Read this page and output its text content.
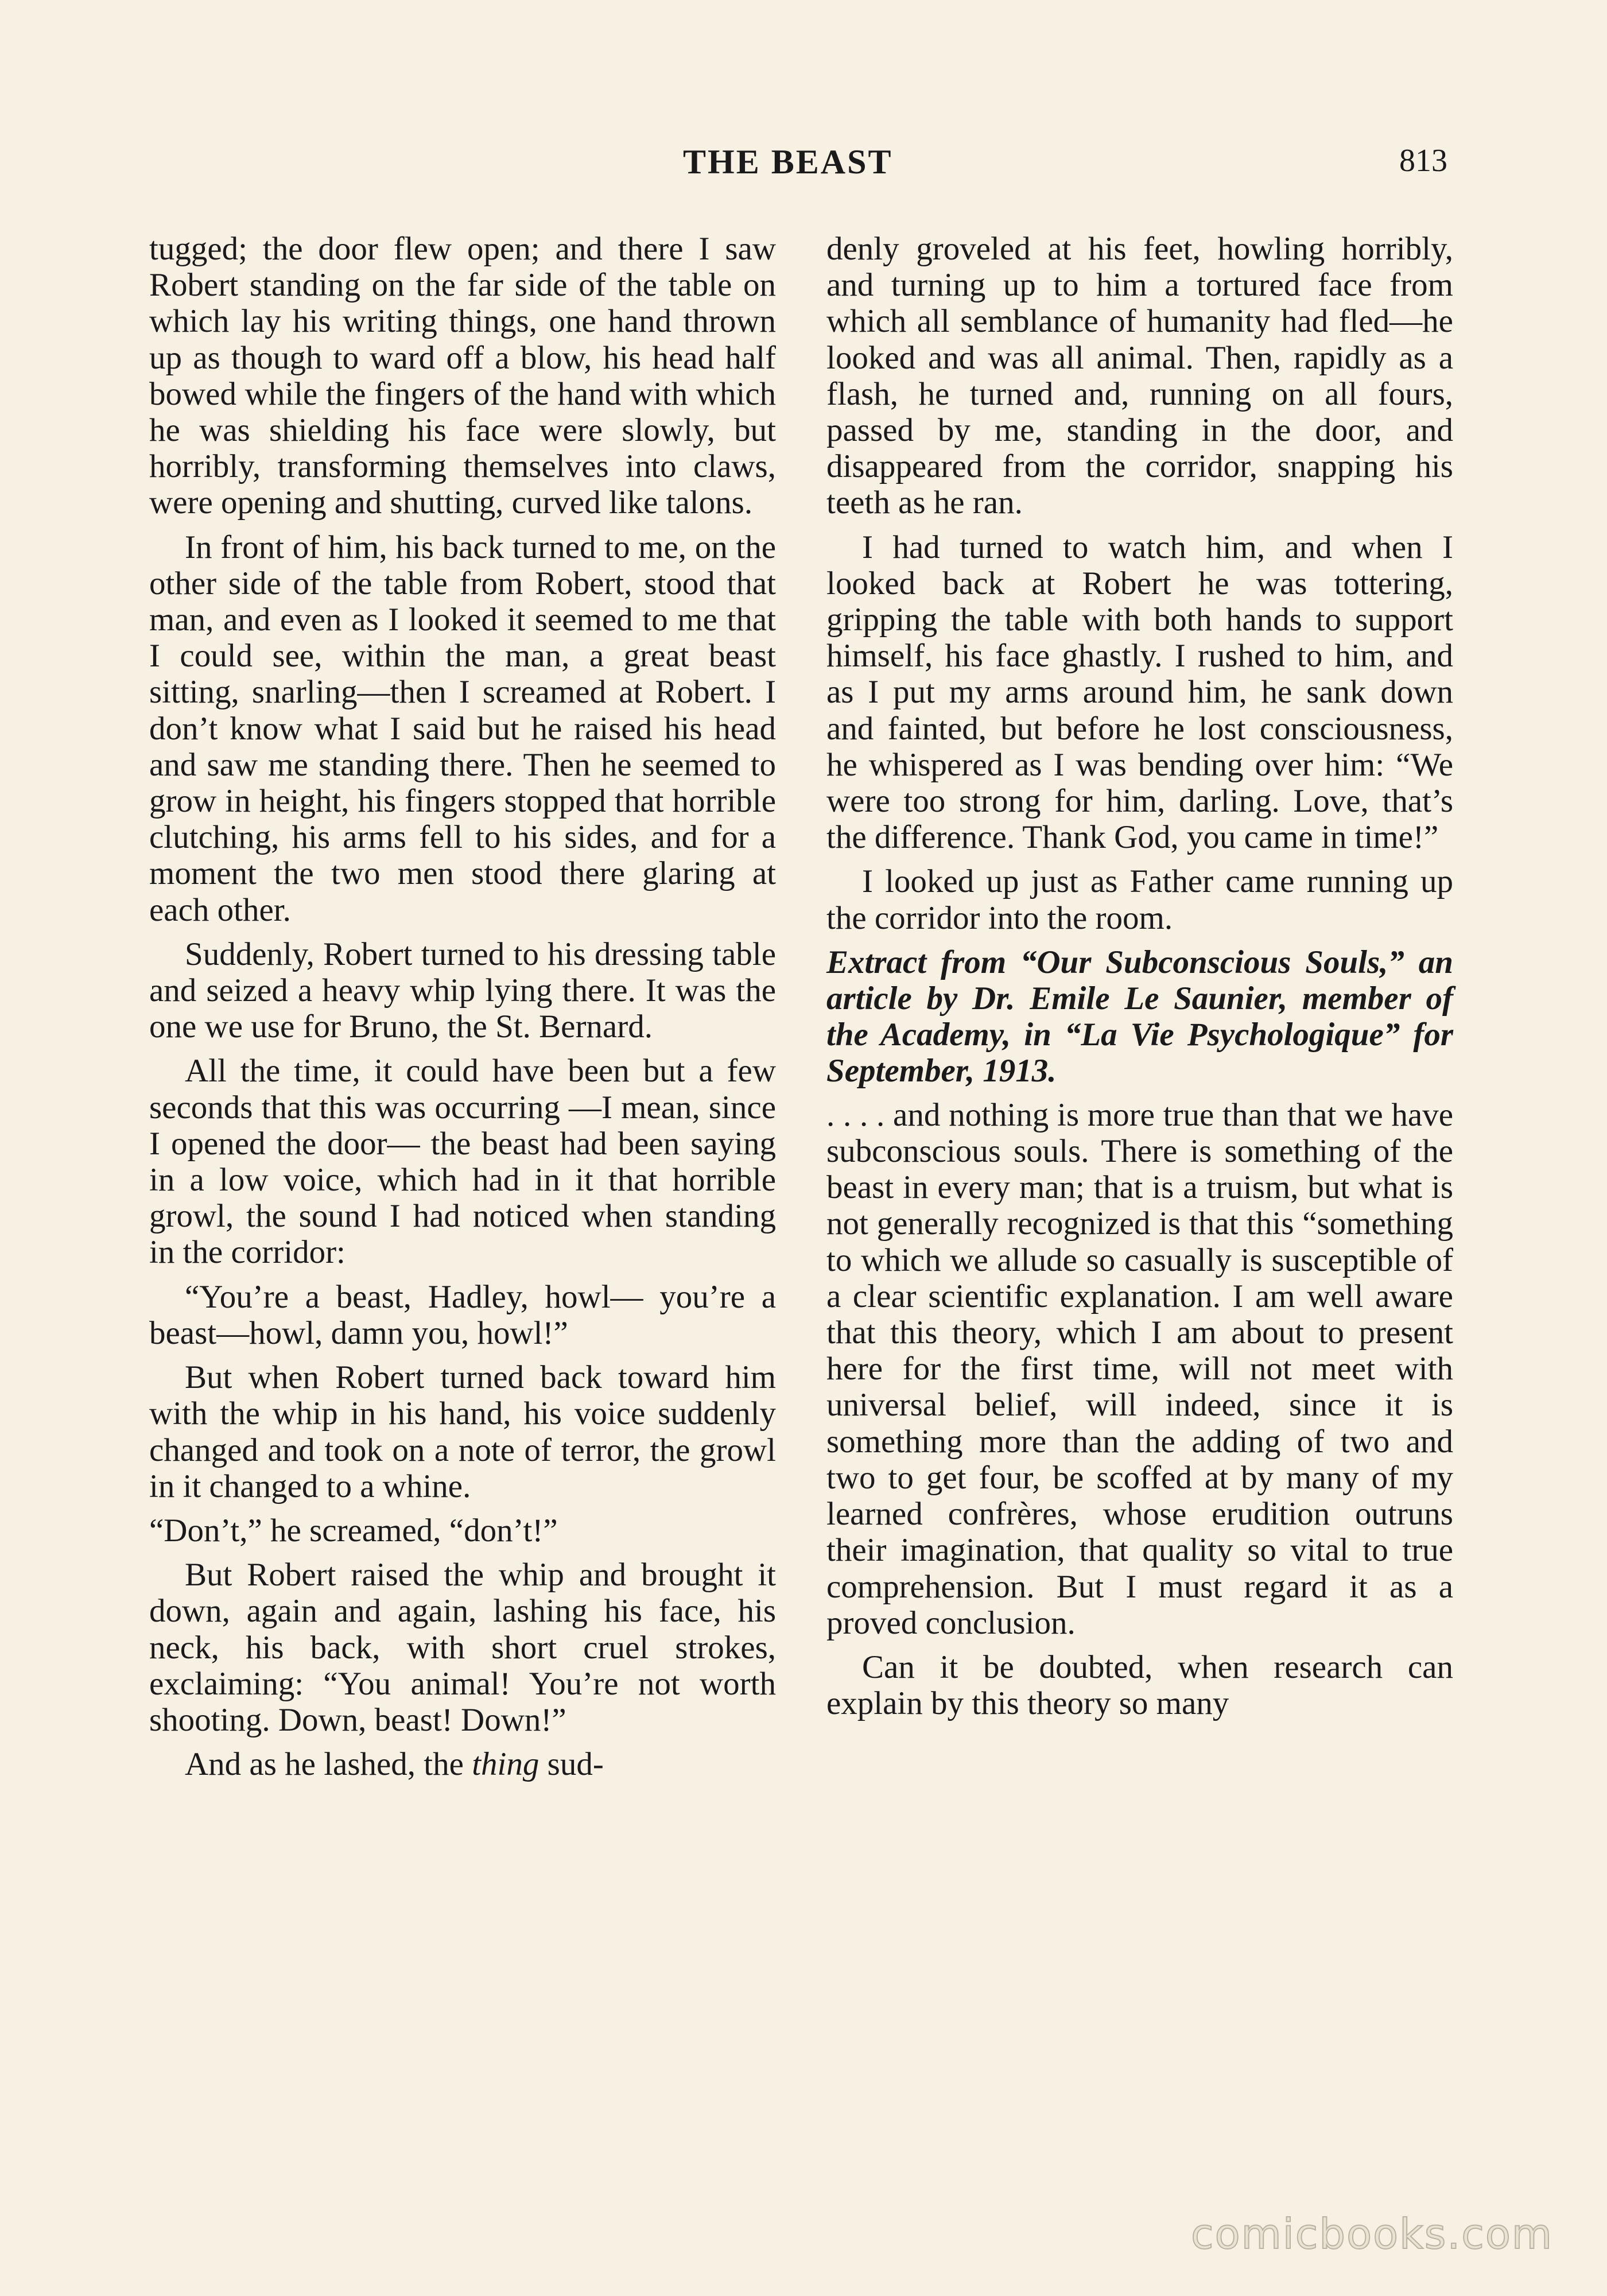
THE BEAST	813

tugged; the door flew open; and there I saw Robert standing on the far side of the table on which lay his writing things, one hand thrown up as though to ward off a blow, his head half bowed while the fingers of the hand with which he was shielding his face were slowly, but horribly, transforming themselves into claws, were opening and shutting, curved like talons.

In front of him, his back turned to me, on the other side of the table from Robert, stood that man, and even as I looked it seemed to me that I could see, within the man, a great beast sitting, snarling—then I screamed at Robert. I don’t know what I said but he raised his head and saw me standing there. Then he seemed to grow in height, his fingers stopped that horrible clutching, his arms fell to his sides, and for a moment the two men stood there glaring at each other.

Suddenly, Robert turned to his dressing table and seized a heavy whip lying there. It was the one we use for Bruno, the St. Bernard.

All the time, it could have been but a few seconds that this was occurring —I mean, since I opened the door— the beast had been saying in a low voice, which had in it that horrible growl, the sound I had noticed when standing in the corridor:

“You’re a beast, Hadley, howl— you’re a beast—howl, damn you, howl!”

But when Robert turned back toward him with the whip in his hand, his voice suddenly changed and took on a note of terror, the growl in it changed to a whine.

“Don’t,” he screamed, “don’t!”

But Robert raised the whip and brought it down, again and again, lashing his face, his neck, his back, with short cruel strokes, exclaiming: “You animal! You’re not worth shooting. Down, beast! Down!”

And as he lashed, the thing sud-

denly groveled at his feet, howling horribly, and turning up to him a tortured face from which all semblance of humanity had fled—he looked and was all animal. Then, rapidly as a flash, he turned and, running on all fours, passed by me, standing in the door, and disappeared from the corridor, snapping his teeth as he ran.

I had turned to watch him, and when I looked back at Robert he was tottering, gripping the table with both hands to support himself, his face ghastly. I rushed to him, and as I put my arms around him, he sank down and fainted, but before he lost consciousness, he whispered as I was bending over him: “We were too strong for him, darling. Love, that’s the difference. Thank God, you came in time!”

I looked up just as Father came running up the corridor into the room.

Extract from “Our Subconscious Souls,” an article by Dr. Emile Le Saunier, member of the Academy, in “La Vie Psychologique” for September, 1913.

. . . . and nothing is more true than that we have subconscious souls. There is something of the beast in every man; that is a truism, but what is not generally recognized is that this “something to which we allude so casually is susceptible of a clear scientific explanation. I am well aware that this theory, which I am about to present here for the first time, will not meet with universal belief, will indeed, since it is something more than the adding of two and two to get four, be scoffed at by many of my learned confrères, whose erudition outruns their imagination, that quality so vital to true comprehension. But I must regard it as a proved conclusion.

Can it be doubted, when research can explain by this theory so many

comicbooks.com
